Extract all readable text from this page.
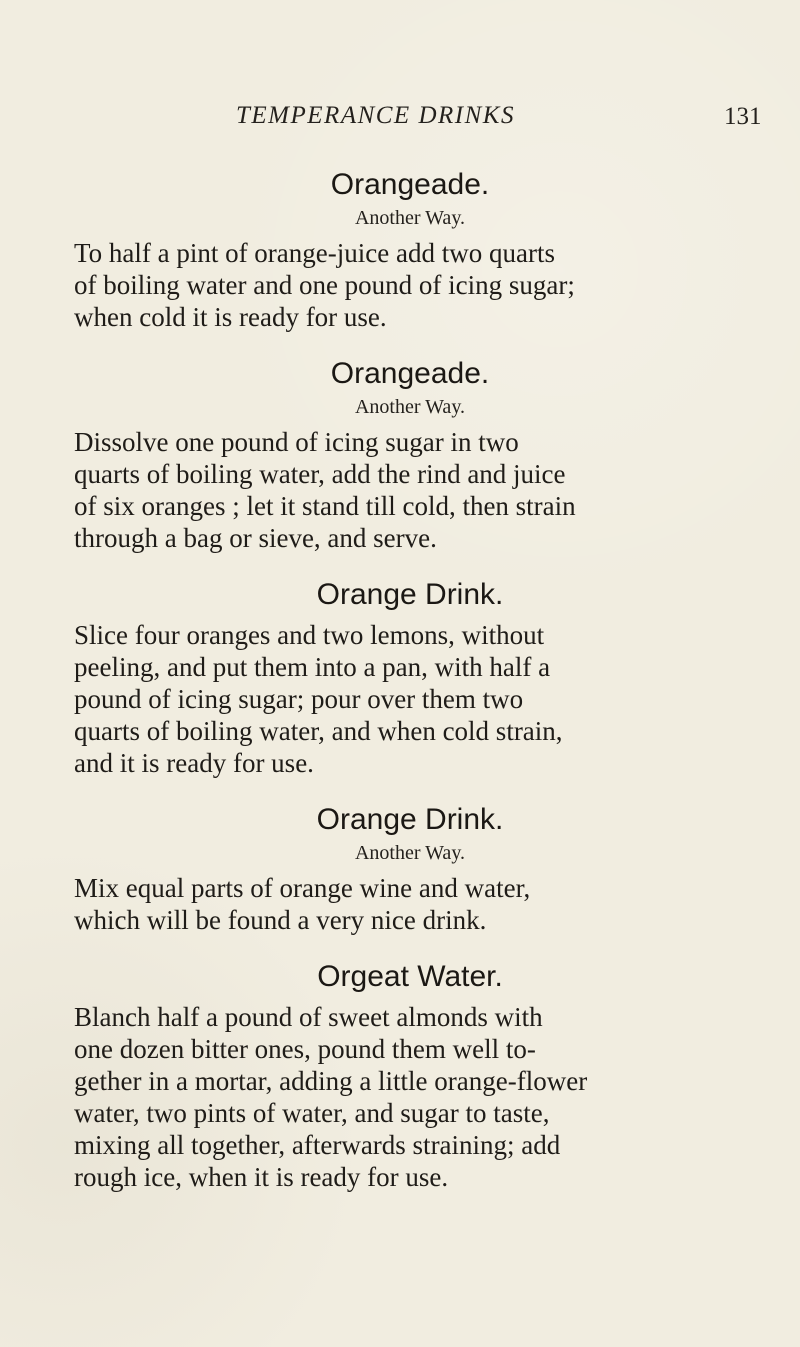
TEMPERANCE DRINKS	131
Orangeade.

Another Way.

To half a pint of orange-juice add two quarts
of boiling water and one pound of icing sugar;
when cold it is ready for use.

Orangeade.

Another Way.

Dissolve one pound of icing sugar in two
quarts of boiling water, add the rind and juice
of six oranges ; let it stand till cold, then strain
through a bag or sieve, and serve.

Orange Drink.

Slice four oranges and two lemons, without
peeling, and put them into a pan, with half a
pound of icing sugar; pour over them two
quarts of boiling water, and when cold strain,
and it is ready for use.

Orange Drink.

Another Way.

Mix equal parts of orange wine and water,
which will be found a very nice drink.

Orgeat Water.

Blanch half a pound of sweet almonds with
one dozen bitter ones, pound them well to-
gether in a mortar, adding a little orange-flower
water, two pints of water, and sugar to taste,
mixing all together, afterwards straining; add
rough ice, when it is ready for use.
